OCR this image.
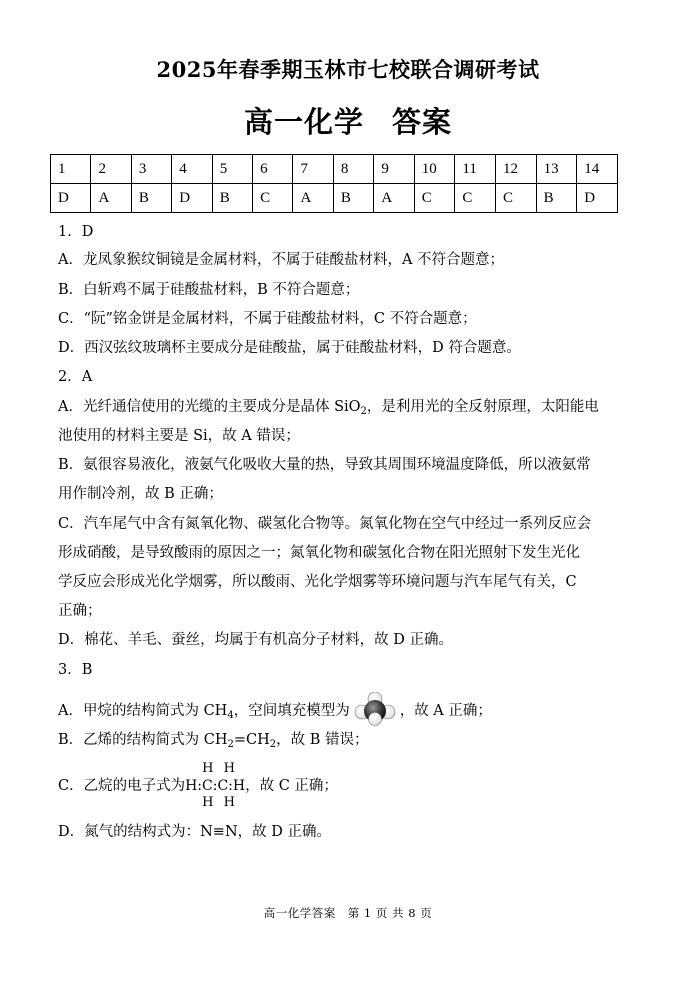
2025年春季期玉林市七校联合调研考试
高一化学 答案
1	2	3	4	5	6	7	8	9	10	11	12	13	14
D	A	B	D	B	C	A	B	A	C	C	C	B	D
1．D
A．龙凤象猴纹铜镜是金属材料，不属于硅酸盐材料，A 不符合题意；
B．白斩鸡不属于硅酸盐材料，B 不符合题意；
C．“阮”铭金饼是金属材料，不属于硅酸盐材料，C 不符合题意；
D．西汉弦纹玻璃杯主要成分是硅酸盐，属于硅酸盐材料，D 符合题意。
2．A
A．光纤通信使用的光缆的主要成分是晶体 SiO$_2$，是利用光的全反射原理，太阳能电
池使用的材料主要是 Si，故 A 错误；
B．氨很容易液化，液氨气化吸收大量的热，导致其周围环境温度降低，所以液氨常
用作制冷剂，故 B 正确；
C．汽车尾气中含有氮氧化物、碳氢化合物等。氮氧化物在空气中经过一系列反应会
形成硝酸，是导致酸雨的原因之一；氮氧化物和碳氢化合物在阳光照射下发生光化
学反应会形成光化学烟雾，所以酸雨、光化学烟雾等环境问题与汽车尾气有关，C
正确；
D．棉花、羊毛、蚕丝，均属于有机高分子材料，故 D 正确。
3．B
A．甲烷的结构简式为 $CH_4$，空间填充模型为	，故 A 正确；
B．乙烯的结构简式为 $CH_2=CH_2$，故 B 错误；
C．乙烷的电子式为
H H
H:C:C:H
H H
，故 C 正确；
D．氮气的结构式为：N≡N，故 D 正确。
高一化学答案　第 1 页 共 8 页
